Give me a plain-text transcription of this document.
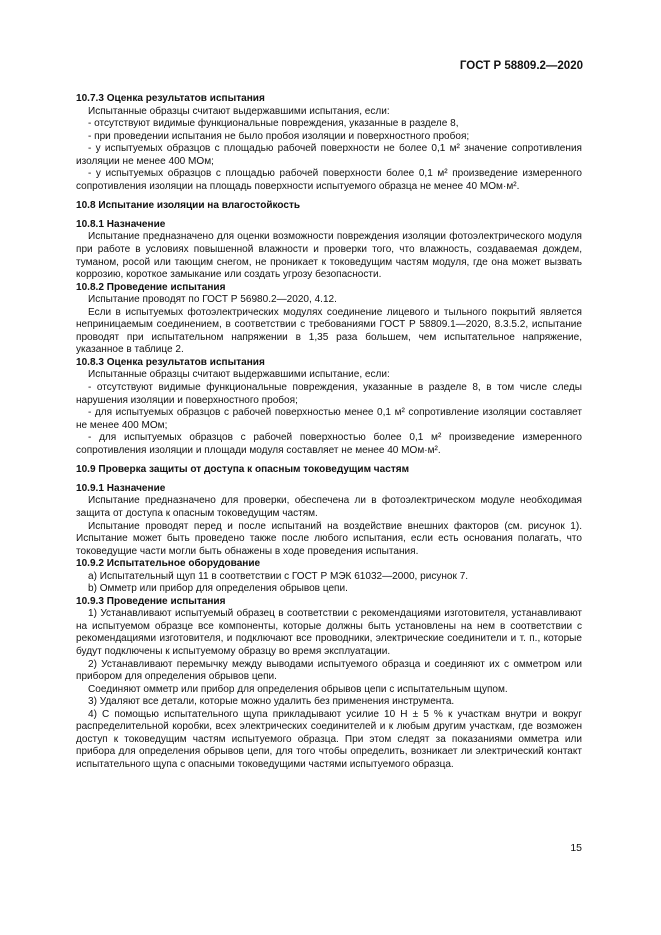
ГОСТ Р 58809.2—2020
10.7.3 Оценка результатов испытания

Испытанные образцы считают выдержавшими испытания, если:

- отсутствуют видимые функциональные повреждения, указанные в разделе 8,

- при проведении испытания не было пробоя изоляции и поверхностного пробоя;

- у испытуемых образцов с площадью рабочей поверхности не более 0,1 м² значение сопротивления изоляции не менее 400 МОм;

- у испытуемых образцов с площадью рабочей поверхности более 0,1 м² произведение измеренного сопротивления изоляции на площадь поверхности испытуемого образца не менее 40 МОм·м².

10.8 Испытание изоляции на влагостойкость
10.8.1 Назначение

Испытание предназначено для оценки возможности повреждения изоляции фотоэлектрического модуля при работе в условиях повышенной влажности и проверки того, что влажность, создаваемая дождем, туманом, росой или тающим снегом, не проникает к токоведущим частям модуля, где она может вызвать коррозию, короткое замыкание или создать угрозу безопасности.

10.8.2 Проведение испытания

Испытание проводят по ГОСТ Р 56980.2—2020, 4.12.

Если в испытуемых фотоэлектрических модулях соединение лицевого и тыльного покрытий является неприницаемым соединением, в соответствии с требованиями ГОСТ Р 58809.1—2020, 8.3.5.2, испытание проводят при испытательном напряжении в 1,35 раза большем, чем испытательное напряжение, указанное в таблице 2.

10.8.3 Оценка результатов испытания

Испытанные образцы считают выдержавшими испытание, если:

- отсутствуют видимые функциональные повреждения, указанные в разделе 8, в том числе следы нарушения изоляции и поверхностного пробоя;

- для испытуемых образцов с рабочей поверхностью менее 0,1 м² сопротивление изоляции составляет не менее 400 МОм;

- для испытуемых образцов с рабочей поверхностью более 0,1 м² произведение измеренного сопротивления изоляции и площади модуля составляет не менее 40 МОм·м².

10.9 Проверка защиты от доступа к опасным токоведущим частям
10.9.1 Назначение

Испытание предназначено для проверки, обеспечена ли в фотоэлектрическом модуле необходимая защита от доступа к опасным токоведущим частям.

Испытание проводят перед и после испытаний на воздействие внешних факторов (см. рисунок 1). Испытание может быть проведено также после любого испытания, если есть основания полагать, что токоведущие части могли быть обнажены в ходе проведения испытания.

10.9.2 Испытательное оборудование

a) Испытательный щуп 11 в соответствии с ГОСТ Р МЭК 61032—2000, рисунок 7.

b) Омметр или прибор для определения обрывов цепи.

10.9.3 Проведение испытания

1) Устанавливают испытуемый образец в соответствии с рекомендациями изготовителя, устанавливают на испытуемом образце все компоненты, которые должны быть установлены на нем в соответствии с рекомендациями изготовителя, и подключают все проводники, электрические соединители и т. п., которые будут подключены к испытуемому образцу во время эксплуатации.

2) Устанавливают перемычку между выводами испытуемого образца и соединяют их с омметром или прибором для определения обрывов цепи.

Соединяют омметр или прибор для определения обрывов цепи с испытательным щупом.

3) Удаляют все детали, которые можно удалить без применения инструмента.

4) С помощью испытательного щупа прикладывают усилие 10 Н ± 5 % к участкам внутри и вокруг распределительной коробки, всех электрических соединителей и к любым другим участкам, где возможен доступ к токоведущим частям испытуемого образца. При этом следят за показаниями омметра или прибора для определения обрывов цепи, для того чтобы определить, возникает ли электрический контакт испытательного щупа с опасными токоведущими частями испытуемого образца.

15
